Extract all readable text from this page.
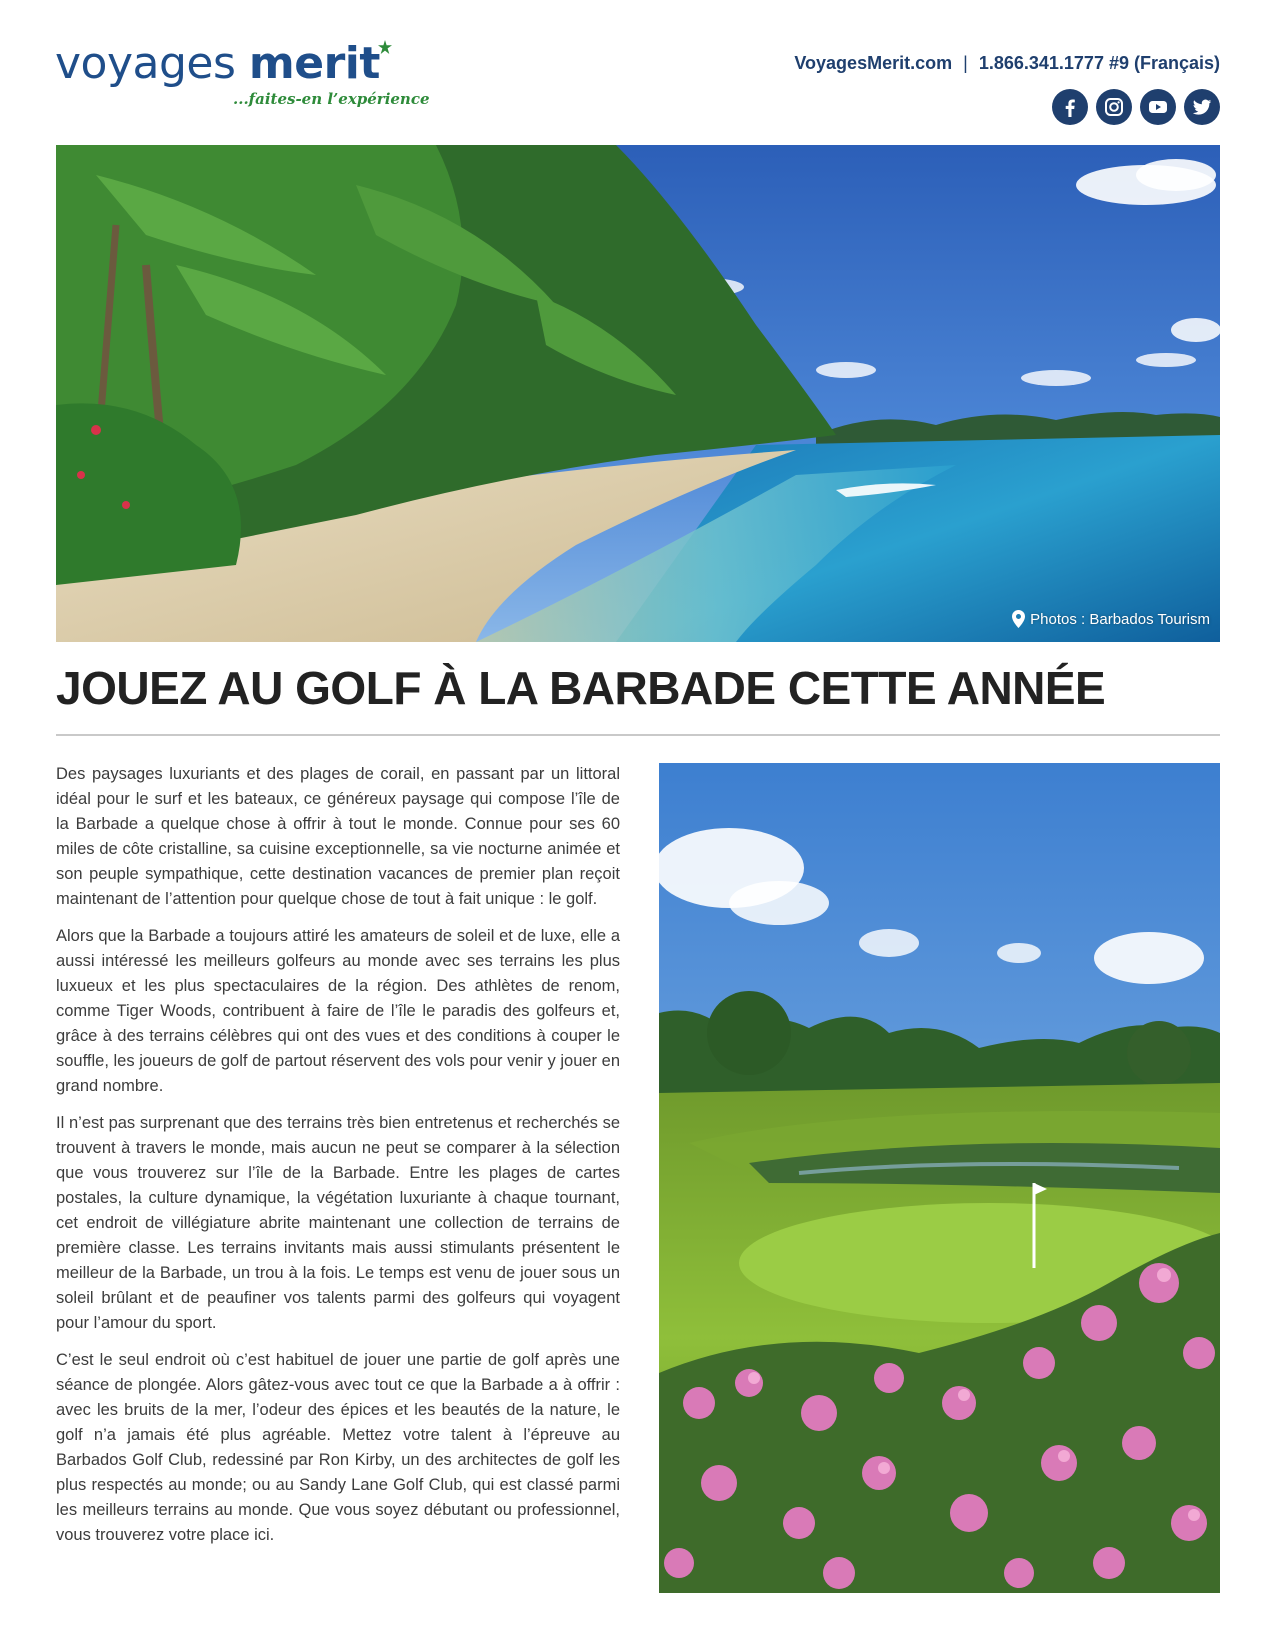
voyages merit
...faites-en l’expérience
VoyagesMerit.com | 1.866.341.1777 #9 (Français)
Photos : Barbados Tourism
JOUEZ AU GOLF À LA BARBADE CETTE ANNÉE

Des paysages luxuriants et des plages de corail, en passant par un littoral idéal pour le surf et les bateaux, ce généreux paysage qui compose l’île de la Barbade a quelque chose à offrir à tout le monde. Connue pour ses 60 miles de côte cristalline, sa cuisine exceptionnelle, sa vie nocturne animée et son peuple sympathique, cette destination vacances de premier plan reçoit maintenant de l’attention pour quelque chose de tout à fait unique : le golf.

Alors que la Barbade a toujours attiré les amateurs de soleil et de luxe, elle a aussi intéressé les meilleurs golfeurs au monde avec ses terrains les plus luxueux et les plus spectaculaires de la région. Des athlètes de renom, comme Tiger Woods, contribuent à faire de l’île le paradis des golfeurs et, grâce à des terrains célèbres qui ont des vues et des conditions à couper le souffle, les joueurs de golf de partout réservent des vols pour venir y jouer en grand nombre.

Il n’est pas surprenant que des terrains très bien entretenus et recherchés se trouvent à travers le monde, mais aucun ne peut se comparer à la sélection que vous trouverez sur l’île de la Barbade. Entre les plages de cartes postales, la culture dynamique, la végétation luxuriante à chaque tournant, cet endroit de villégiature abrite maintenant une collection de terrains de première classe. Les terrains invitants mais aussi stimulants présentent le meilleur de la Barbade, un trou à la fois. Le temps est venu de jouer sous un soleil brûlant et de peaufiner vos talents parmi des golfeurs qui voyagent pour l’amour du sport.

C’est le seul endroit où c’est habituel de jouer une partie de golf après une séance de plongée. Alors gâtez-vous avec tout ce que la Barbade a à offrir : avec les bruits de la mer, l’odeur des épices et les beautés de la nature, le golf n’a jamais été plus agréable. Mettez votre talent à l’épreuve au Barbados Golf Club, redessiné par Ron Kirby, un des architectes de golf les plus respectés au monde; ou au Sandy Lane Golf Club, qui est classé parmi les meilleurs terrains au monde. Que vous soyez débutant ou professionnel, vous trouverez votre place ici.
